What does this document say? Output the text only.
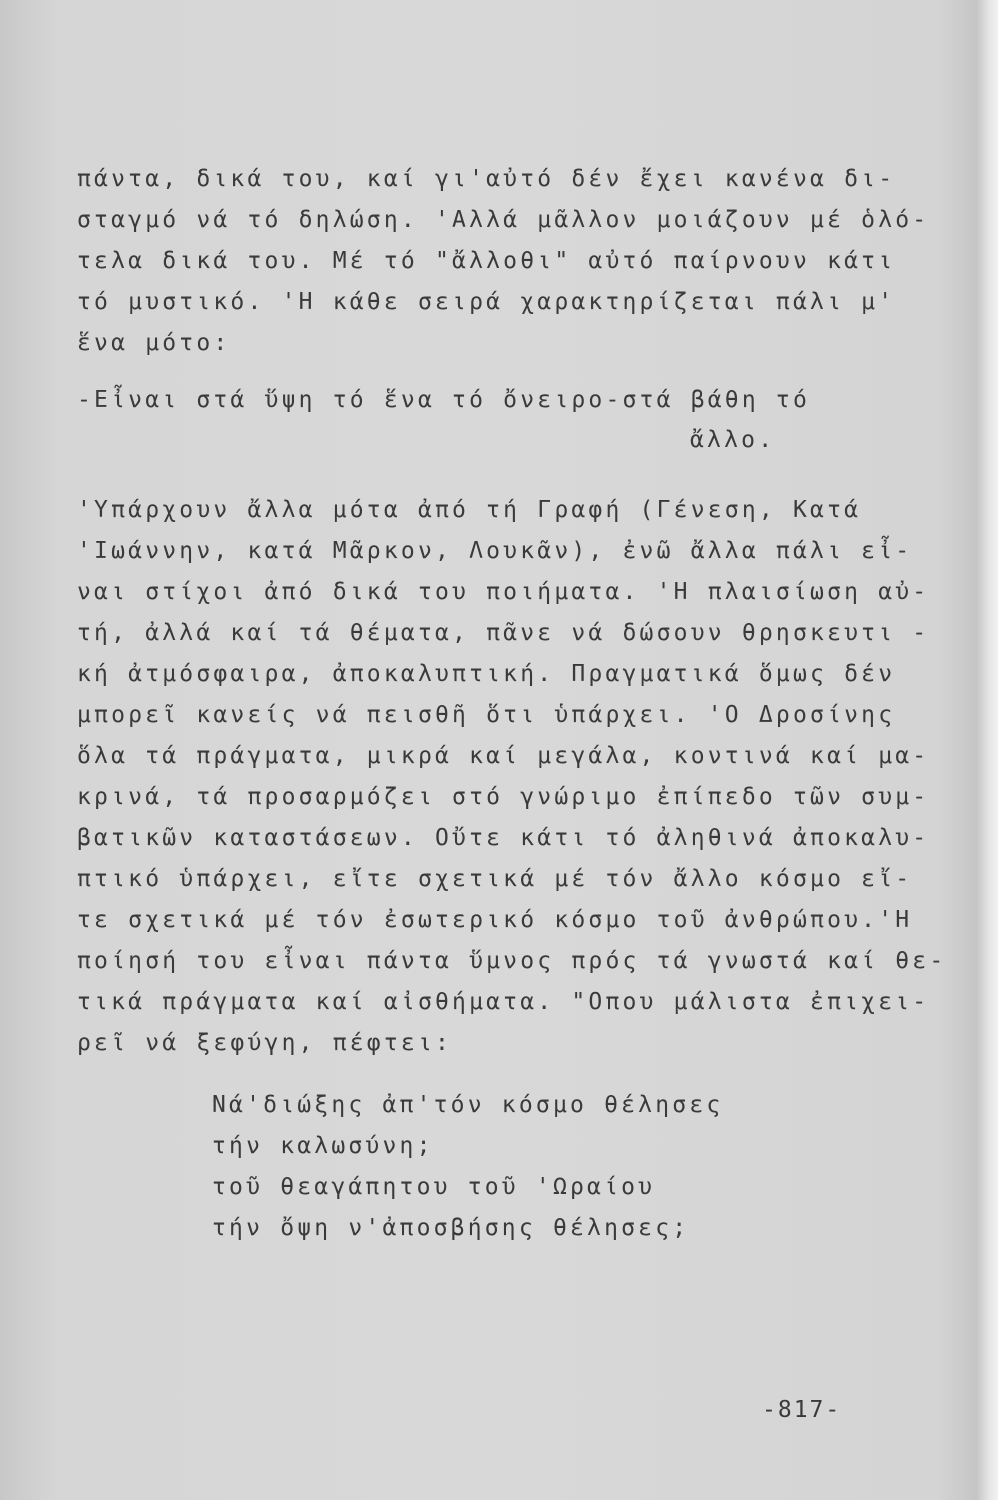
πάντα, δικά του, καί γι'αὐτό δέν ἔχει κανένα δι-
σταγμό νά τό δηλώση. 'Αλλά μᾶλλον μοιάζουν μέ ὁλό-
τελα δικά του. Μέ τό "ἄλλοθι" αὐτό παίρνουν κάτι
τό μυστικό. 'Η κάθε σειρά χαρακτηρίζεται πάλι μ'
ἕνα μότο:
-Εἶναι στά ὕψη τό ἕνα τό ὄνειρο-στά βάθη τό
ἄλλο.
'Υπάρχουν ἄλλα μότα ἀπό τή Γραφή (Γένεση, Κατά
'Ιωάννην, κατά Μᾶρκον, Λουκᾶν), ἐνῶ ἄλλα πάλι εἶ-
ναι στίχοι ἀπό δικά του ποιήματα. 'Η πλαισίωση αὐ-
τή, ἀλλά καί τά θέματα, πᾶνε νά δώσουν θρησκευτι -
κή ἀτμόσφαιρα, ἀποκαλυπτική. Πραγματικά ὅμως δέν
μπορεῖ κανείς νά πεισθῆ ὅτι ὑπάρχει. 'Ο Δροσίνης
ὅλα τά πράγματα, μικρά καί μεγάλα, κοντινά καί μα-
κρινά, τά προσαρμόζει στό γνώριμο ἐπίπεδο τῶν συμ-
βατικῶν καταστάσεων. Οὔτε κάτι τό ἀληθινά ἀποκαλυ-
πτικό ὑπάρχει, εἴτε σχετικά μέ τόν ἄλλο κόσμο εἴ-
τε σχετικά μέ τόν ἐσωτερικό κόσμο τοῦ ἀνθρώπου.'Η
ποίησή του εἶναι πάντα ὕμνος πρός τά γνωστά καί θε-
τικά πράγματα καί αἰσθήματα. "Οπου μάλιστα ἐπιχει-
ρεῖ νά ξεφύγη, πέφτει:
Νά'διώξης ἀπ'τόν κόσμο θέλησες
τήν καλωσύνη;
τοῦ θεαγάπητου τοῦ 'Ωραίου
τήν ὄψη ν'ἀποσβήσης θέλησες;
-817-
